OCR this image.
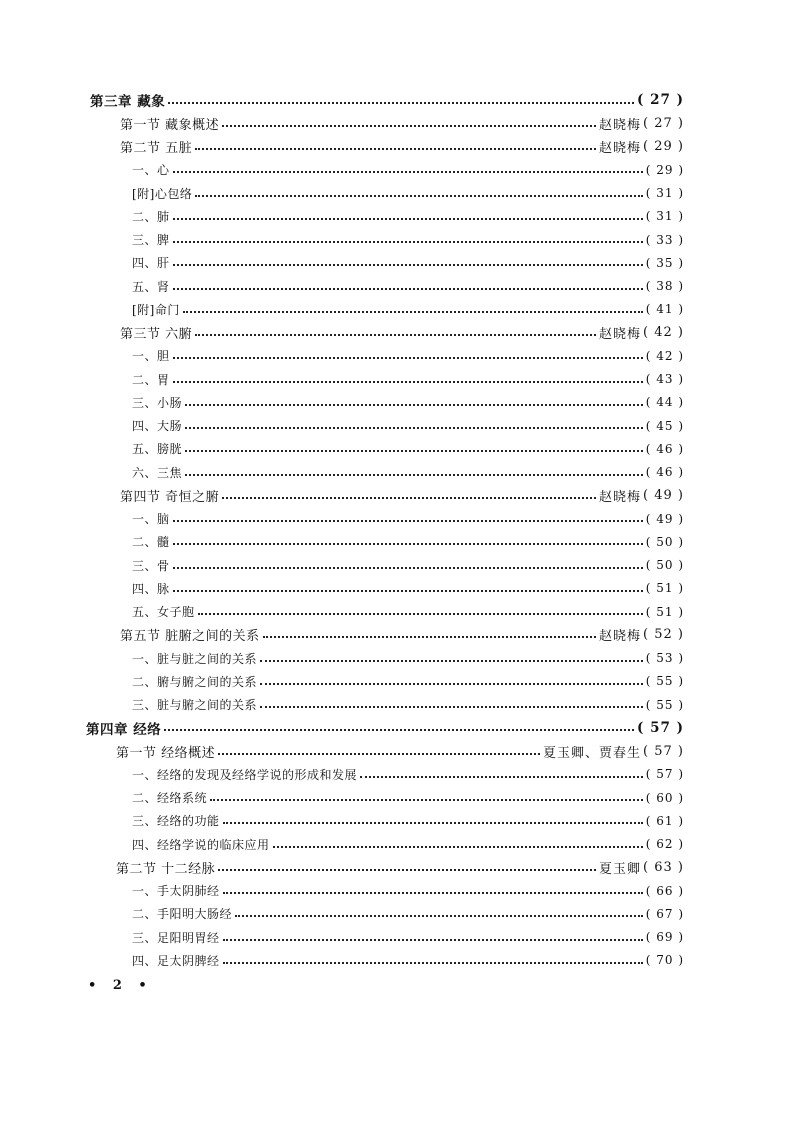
第三章 藏象	( 27 )
第一节 藏象概述	赵晓梅 ( 27 )
第二节 五脏	赵晓梅 ( 29 )
一、心	( 29 )
[附]心包络	( 31 )
二、肺	( 31 )
三、脾	( 33 )
四、肝	( 35 )
五、肾	( 38 )
[附]命门	( 41 )
第三节 六腑	赵晓梅 ( 42 )
一、胆	( 42 )
二、胃	( 43 )
三、小肠	( 44 )
四、大肠	( 45 )
五、膀胱	( 46 )
六、三焦	( 46 )
第四节 奇恒之腑	赵晓梅 ( 49 )
一、脑	( 49 )
二、髓	( 50 )
三、骨	( 50 )
四、脉	( 51 )
五、女子胞	( 51 )
第五节 脏腑之间的关系	赵晓梅 ( 52 )
一、脏与脏之间的关系	( 53 )
二、腑与腑之间的关系	( 55 )
三、脏与腑之间的关系	( 55 )
第四章 经络	( 57 )
第一节 经络概述	夏玉卿、贾春生 ( 57 )
一、经络的发现及经络学说的形成和发展	( 57 )
二、经络系统	( 60 )
三、经络的功能	( 61 )
四、经络学说的临床应用	( 62 )
第二节 十二经脉	夏玉卿 ( 63 )
一、手太阴肺经	( 66 )
二、手阳明大肠经	( 67 )
三、足阳明胃经	( 69 )
四、足太阴脾经	( 70 )
• 2 •
